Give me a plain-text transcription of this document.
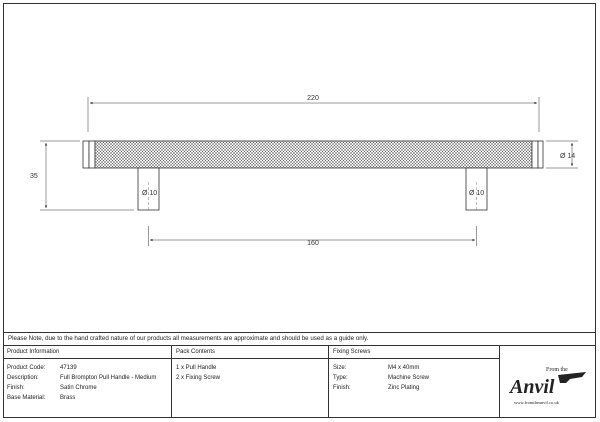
Ø 10	Ø 10
220
160
35
Ø 14
Please Note, due to the hand crafted nature of our products all measurements are approximate and should be used as a guide only.
Product Information
Product Code: 47139
Description:	Full Brompton Pull Handle - Medium
Finish:	Satin Chrome
Base Material: Brass
Pack Contents
1 x Pull Handle
2 x Fixing Screw
Fixing Screws
Size:	M4 x 40mm
Type:	Machine Screw
Finish:	Zinc Plating
From the
Anvil
www.fromtheanvil.co.uk
